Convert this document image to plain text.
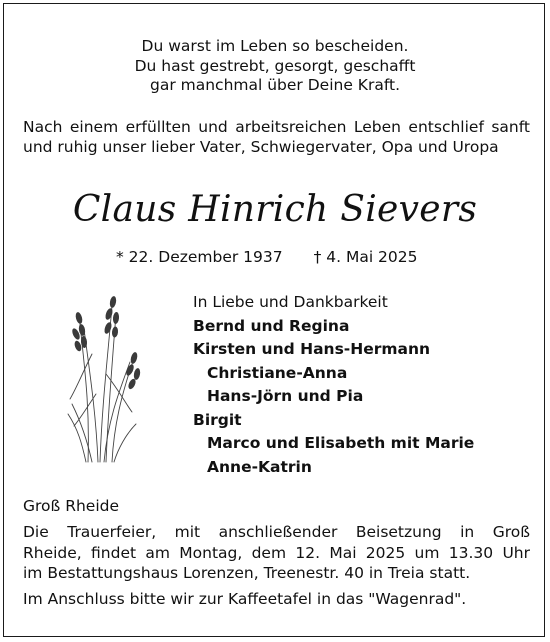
Du warst im Leben so bescheiden.
Du hast gestrebt, gesorgt, geschafft
gar manchmal über Deine Kraft.
Nach einem erfüllten und arbeitsreichen Leben entschlief sanft und ruhig unser lieber Vater, Schwiegervater, Opa und Uropa
Claus Hinrich Sievers
* 22. Dezember 1937 † 4. Mai 2025
In Liebe und Dankbarkeit
Bernd und Regina
Kirsten und Hans-Hermann
Christiane-Anna
Hans-Jörn und Pia
Birgit
Marco und Elisabeth mit Marie
Anne-Katrin
Groß Rheide
Die Trauerfeier, mit anschließender Beisetzung in Groß
Rheide, findet am Montag, dem 12. Mai 2025 um 13.30 Uhr
im Bestattungshaus Lorenzen, Treenestr. 40 in Treia statt.
Im Anschluss bitte wir zur Kaffeetafel in das "Wagenrad".
